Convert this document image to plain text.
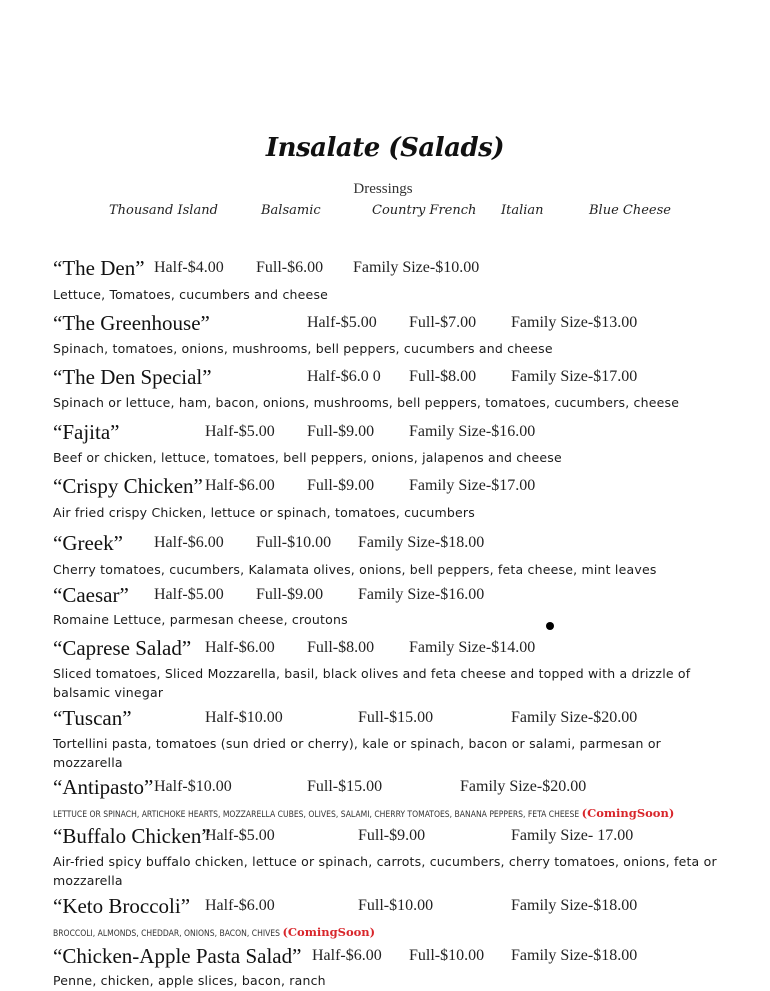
Insalate (Salads)
Dressings
Thousand Island	Balsamic	Country French Italian	Blue Cheese
“The Den” Half-$4.00 Full-$6.00 Family Size-$10.00
Lettuce, Tomatoes, cucumbers and cheese
“The Greenhouse”	Half-$5.00 Full-$7.00 Family Size-$13.00
Spinach, tomatoes, onions, mushrooms, bell peppers, cucumbers and cheese
“The Den Special”	Half-$6.0 0 Full-$8.00 Family Size-$17.00
Spinach or lettuce, ham, bacon, onions, mushrooms, bell peppers, tomatoes, cucumbers, cheese
“Fajita”	Half-$5.00 Full-$9.00 Family Size-$16.00
Beef or chicken, lettuce, tomatoes, bell peppers, onions, jalapenos and cheese
“Crispy Chicken” Half-$6.00 Full-$9.00 Family Size-$17.00
Air fried crispy Chicken, lettuce or spinach, tomatoes, cucumbers
“Greek” Half-$6.00 Full-$10.00 Family Size-$18.00
Cherry tomatoes, cucumbers, Kalamata olives, onions, bell peppers, feta cheese, mint leaves
“Caesar” Half-$5.00 Full-$9.00 Family Size-$16.00
Romaine Lettuce, parmesan cheese, croutons
“Caprese Salad” Half-$6.00 Full-$8.00 Family Size-$14.00
Sliced tomatoes, Sliced Mozzarella, basil, black olives and feta cheese and topped with a drizzle of balsamic vinegar
“Tuscan”	Half-$10.00	Full-$15.00	Family Size-$20.00
Tortellini pasta, tomatoes (sun dried or cherry), kale or spinach, bacon or salami, parmesan or mozzarella
“Antipasto” Half-$10.00	Full-$15.00	Family Size-$20.00
LETTUCE OR SPINACH, ARTICHOKE HEARTS, MOZZARELLA CUBES, OLIVES, SALAMI, CHERRY TOMATOES, BANANA PEPPERS, FETA CHEESE (ComingSoon)
“Buffalo Chicken”
Half-$5.00	Full-$9.00	Family Size- 17.00
Air-fried spicy buffalo chicken, lettuce or spinach, carrots, cucumbers, cherry tomatoes, onions, feta or mozzarella
“Keto Broccoli” Half-$6.00	Full-$10.00	Family Size-$18.00
BROCCOLI, ALMONDS, CHEDDAR, ONIONS, BACON, CHIVES (ComingSoon)
“Chicken-Apple Pasta Salad” Half-$6.00 Full-$10.00 Family Size-$18.00
Penne, chicken, apple slices, bacon, ranch
